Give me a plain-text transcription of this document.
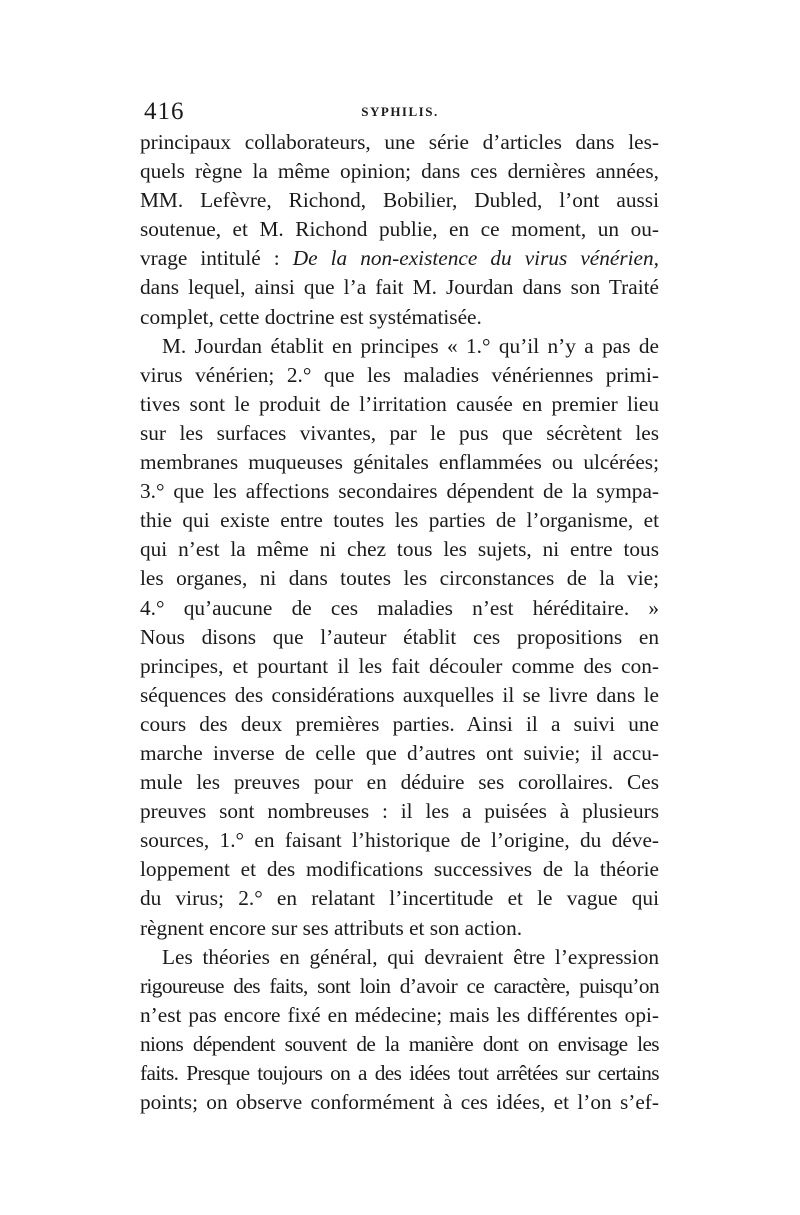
416	SYPHILIS.
principaux collaborateurs, une série d’articles dans les-
quels règne la même opinion; dans ces dernières années,
MM. Lefèvre, Richond, Bobilier, Dubled, l’ont aussi
soutenue, et M. Richond publie, en ce moment, un ou-
vrage intitulé : De la non-existence du virus vénérien,
dans lequel, ainsi que l’a fait M. Jourdan dans son Traité
complet, cette doctrine est systématisée.
M. Jourdan établit en principes « 1.° qu’il n’y a pas de
virus vénérien; 2.° que les maladies vénériennes primi-
tives sont le produit de l’irritation causée en premier lieu
sur les surfaces vivantes, par le pus que sécrètent les
membranes muqueuses génitales enflammées ou ulcérées;
3.° que les affections secondaires dépendent de la sympa-
thie qui existe entre toutes les parties de l’organisme, et
qui n’est la même ni chez tous les sujets, ni entre tous
les organes, ni dans toutes les circonstances de la vie;
4.° qu’aucune de ces maladies n’est héréditaire. »
Nous disons que l’auteur établit ces propositions en
principes, et pourtant il les fait découler comme des con-
séquences des considérations auxquelles il se livre dans le
cours des deux premières parties. Ainsi il a suivi une
marche inverse de celle que d’autres ont suivie; il accu-
mule les preuves pour en déduire ses corollaires. Ces
preuves sont nombreuses : il les a puisées à plusieurs
sources, 1.° en faisant l’historique de l’origine, du déve-
loppement et des modifications successives de la théorie
du virus; 2.° en relatant l’incertitude et le vague qui
règnent encore sur ses attributs et son action.
Les théories en général, qui devraient être l’expression
rigoureuse des faits, sont loin d’avoir ce caractère, puisqu’on
n’est pas encore fixé en médecine; mais les différentes opi-
nions dépendent souvent de la manière dont on envisage les
faits. Presque toujours on a des idées tout arrêtées sur certains
points; on observe conformément à ces idées, et l’on s’ef-
